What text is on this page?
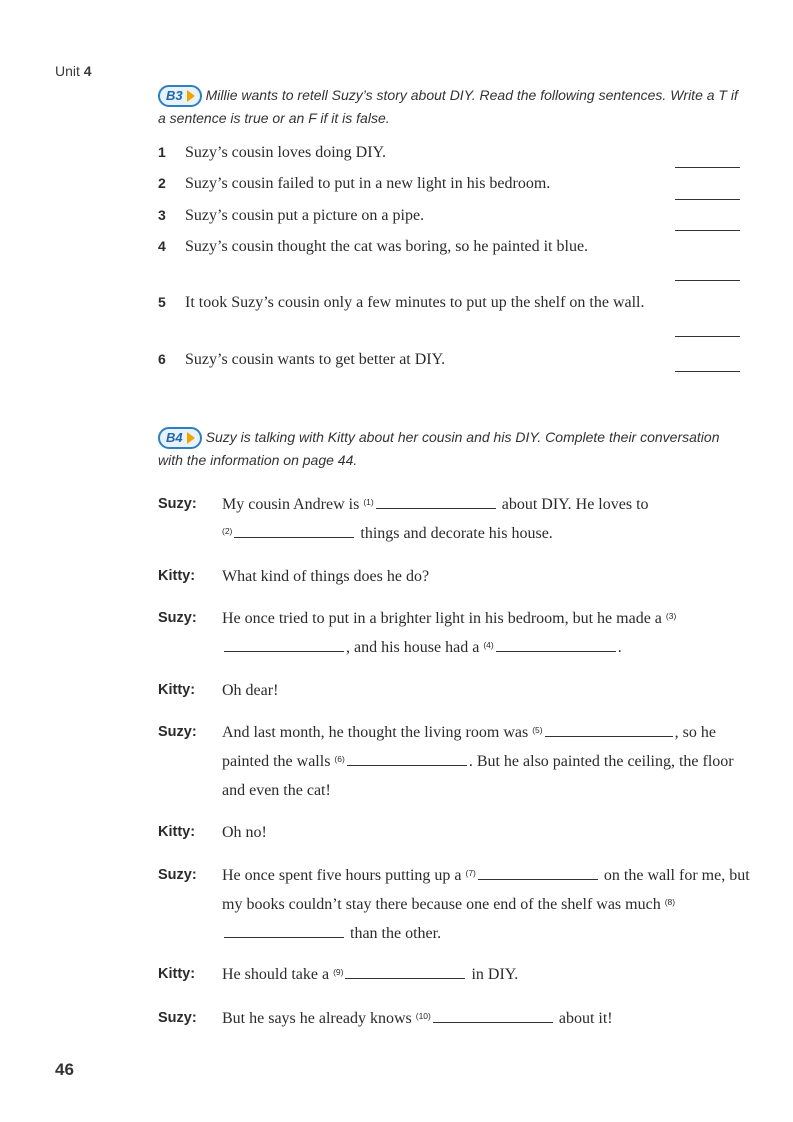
Unit 4
B3 Millie wants to retell Suzy’s story about DIY. Read the following sentences. Write a T if a sentence is true or an F if it is false.
1 Suzy’s cousin loves doing DIY.
2 Suzy’s cousin failed to put in a new light in his bedroom.
3 Suzy’s cousin put a picture on a pipe.
4 Suzy’s cousin thought the cat was boring, so he painted it blue.
5 It took Suzy’s cousin only a few minutes to put up the shelf on the wall.
6 Suzy’s cousin wants to get better at DIY.
B4 Suzy is talking with Kitty about her cousin and his DIY. Complete their conversation with the information on page 44.
Suzy: My cousin Andrew is $^{(1)}$	about DIY. He loves to
$^{(2)}$	things and decorate his house.
Kitty: What kind of things does he do?
Suzy: He once tried to put in a brighter light in his bedroom, but he made a $^{(3)}$, and his house had a $^{(4)}$	.
Kitty: Oh dear!
Suzy: And last month, he thought the living room was $^{(5)}$	, so he painted the walls $^{(6)}$	. But he also painted the ceiling, the floor and even the cat!
Kitty: Oh no!
Suzy: He once spent five hours putting up a $^{(7)}$	on the wall for me, but my books couldn’t stay there because one end of the shelf was much $^{(8)}$ than the other.
Kitty: He should take a $^{(9)}$	in DIY.
Suzy: But he says he already knows $^{(10)}$	about it!
46
